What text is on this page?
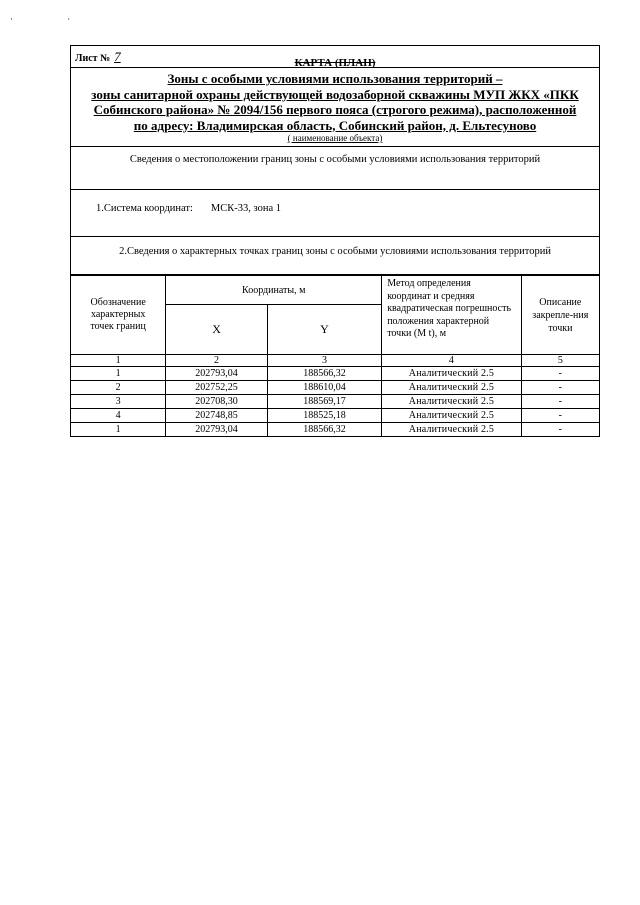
· ·
Лист № 7	КАРТА (ПЛАН)
Зоны с особыми условиями использования территорий –
зоны санитарной охраны действующей водозаборной скважины МУП ЖКХ «ПКК
Собинского района» № 2094/156 первого пояса (строгого режима), расположенной
по адресу: Владимирская область, Собинский район, д. Ельтесуново
( наименование объекта)
Сведения о местоположении границ зоны с особыми условиями использования территорий
1.Система координат: МСК-33, зона 1
2.Сведения о характерных точках границ зоны с особыми условиями использования территорий
Обозначение характерных точек границ	Координаты, м		Метод определения координат и средняя квадратическая погрешность положения характерной точки (М t), м	Описание закрепле-ния точки
	X	Y		
1	2	3	4	5
1	202793,04	188566,32	Аналитический 2.5	-
2	202752,25	188610,04	Аналитический 2.5	-
3	202708,30	188569,17	Аналитический 2.5	-
4	202748,85	188525,18	Аналитический 2.5	-
1	202793,04	188566,32	Аналитический 2.5	-
